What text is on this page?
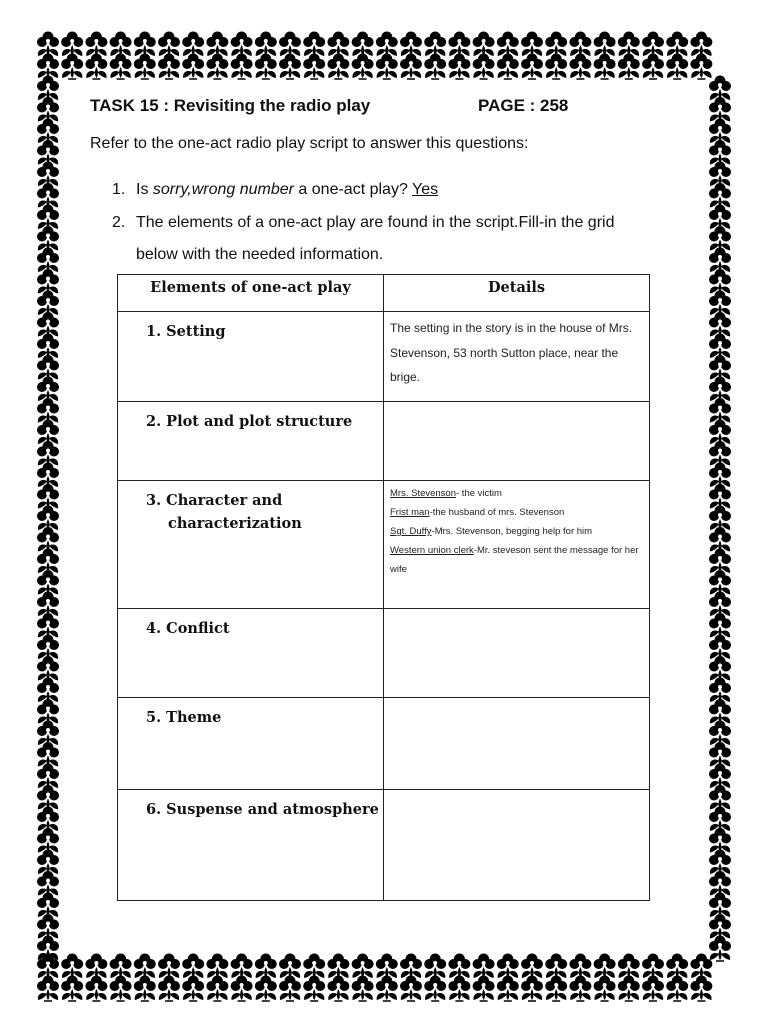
TASK 15 : Revisiting the radio play	PAGE : 258
Refer to the one-act radio play script to answer this questions:
1. Is sorry,wrong number a one-act play? Yes
2. The elements of a one-act play are found in the script.Fill-in the grid
below with the needed information.
Elements of one-act play	Details

1. Setting	The setting in the story is in the house of Mrs. Stevenson, 53 north Sutton place, near the brige.
2. Plot and plot structure	
3. Character and characterization	Mrs. Stevenson- the victim
Frist man-the husband of mrs. Stevenson
Sgt. Duffy-Mrs. Stevenson, begging help for him
Western union clerk-Mr. steveson sent the message for her wife

4. Conflict	
5. Theme	
6. Suspense and atmosphere	
